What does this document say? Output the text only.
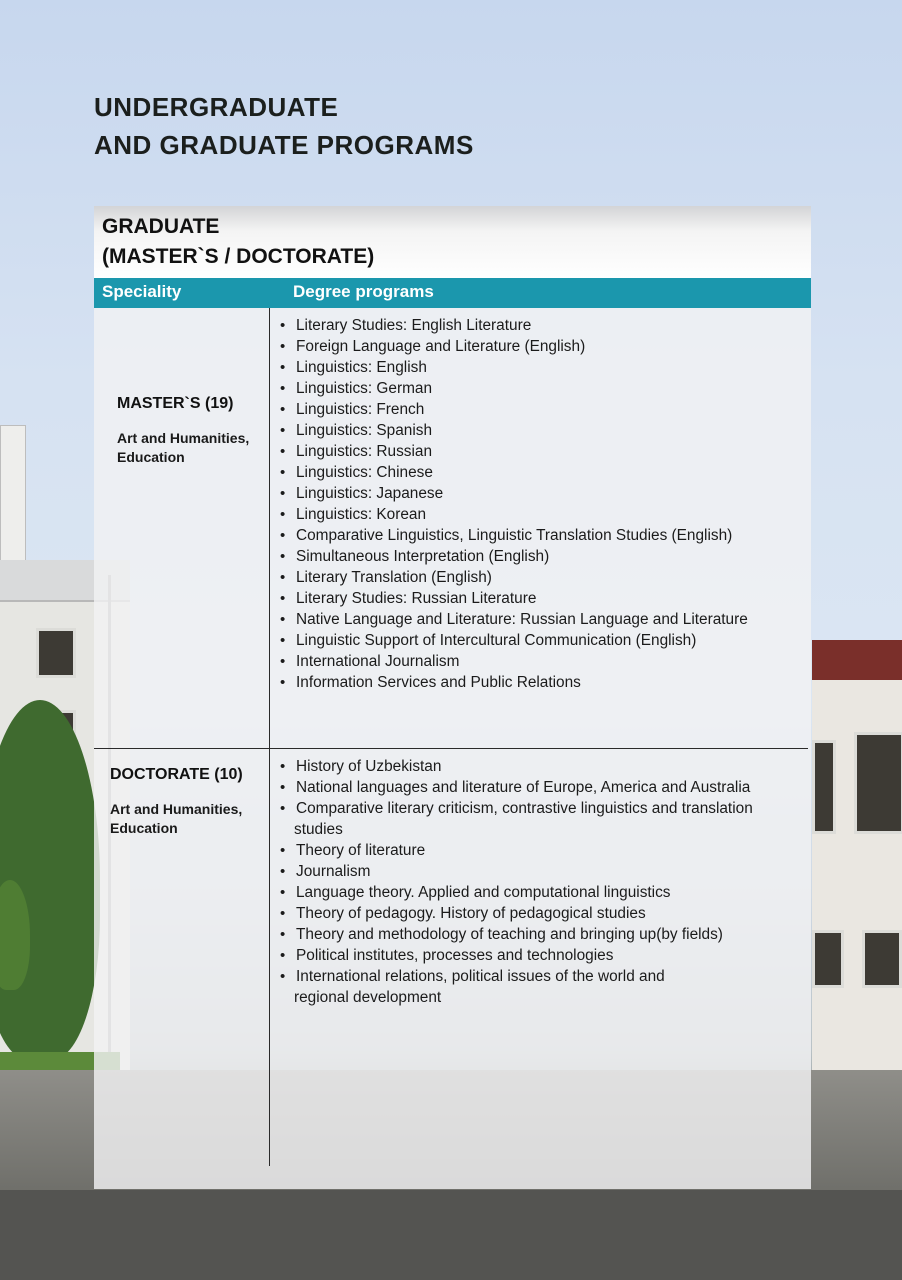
UNDERGRADUATE
AND GRADUATE PROGRAMS
GRADUATE
(MASTER`S / DOCTORATE)
Speciality	Degree programs

MASTER`S (19)

Art and Humanities, Education

• Literary Studies: English Literature
• Foreign Language and Literature (English)
• Linguistics: English
• Linguistics: German
• Linguistics: French
• Linguistics: Spanish
• Linguistics: Russian
• Linguistics: Chinese
• Linguistics: Japanese
• Linguistics: Korean
• Comparative Linguistics, Linguistic Translation Studies (English)
• Simultaneous Interpretation (English)
• Literary Translation (English)
• Literary Studies: Russian Literature
• Native Language and Literature: Russian Language and Literature
• Linguistic Support of Intercultural Communication (English)
• International Journalism
• Information Services and Public Relations

DOCTORATE (10)

Art and Humanities, Education

• History of Uzbekistan
• National languages and literature of Europe, America and Australia
• Comparative literary criticism, contrastive linguistics and translation
studies
• Theory of literature
• Journalism
• Language theory. Applied and computational linguistics
• Theory of pedagogy. History of pedagogical studies
• Theory and methodology of teaching and bringing up(by fields)
• Political institutes, processes and technologies
• International relations, political issues of the world and
regional development
